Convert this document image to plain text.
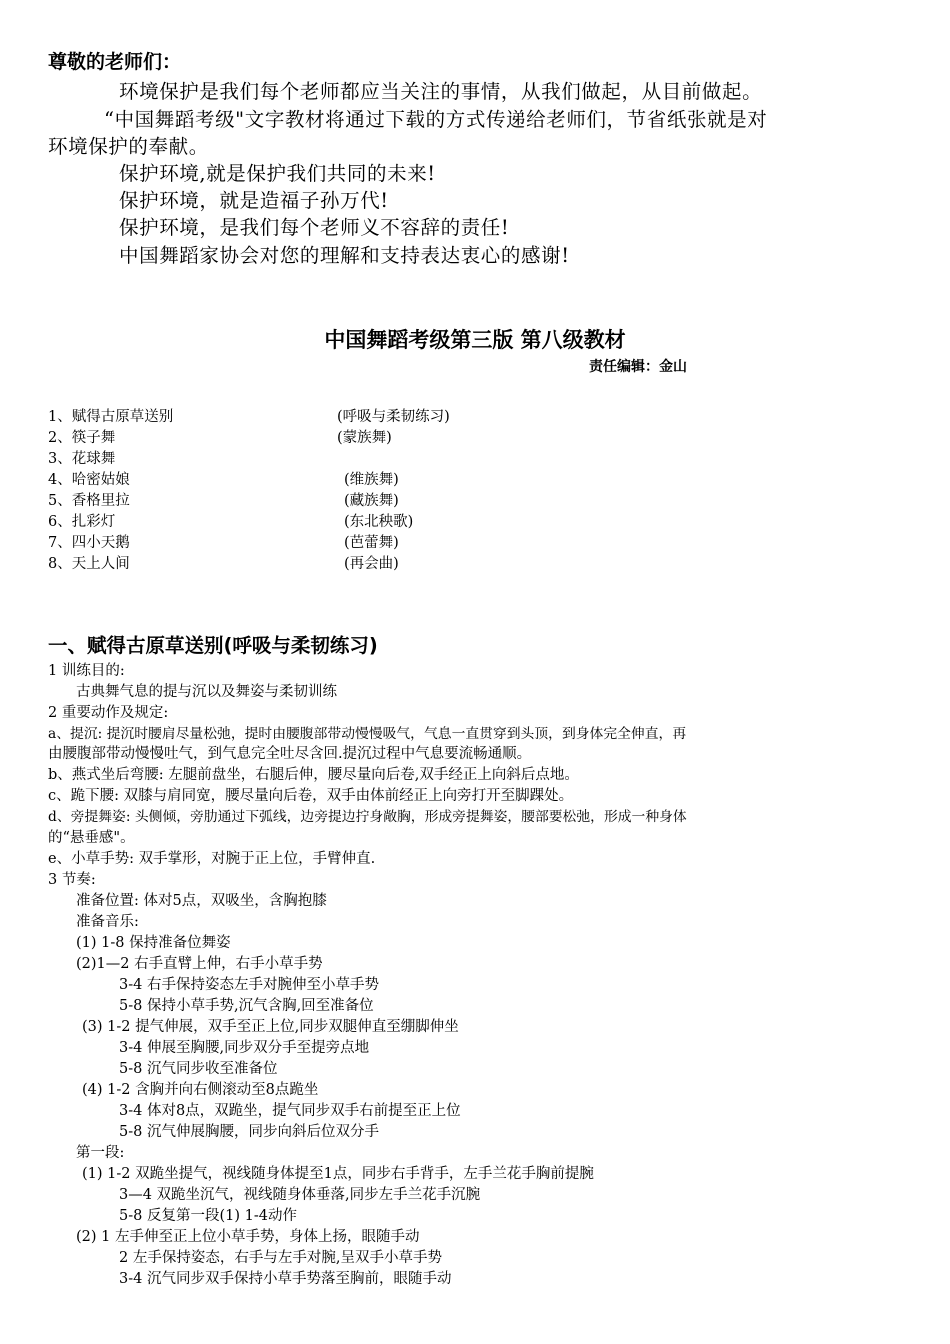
尊敬的老师们：
环境保护是我们每个老师都应当关注的事情，从我们做起，从目前做起。
“中国舞蹈考级"文字教材将通过下载的方式传递给老师们，节省纸张就是对
环境保护的奉献。
保护环境,就是保护我们共同的未来!
保护环境，就是造福子孙万代!
保护环境，是我们每个老师义不容辞的责任!
中国舞蹈家协会对您的理解和支持表达衷心的感谢!
中国舞蹈考级第三版 第八级教材
责任编辑：金山
1、赋得古原草送别	(呼吸与柔韧练习)
2、筷子舞	(蒙族舞)
3、花球舞
4、哈密姑娘	(维族舞)
5、香格里拉	(藏族舞)
6、扎彩灯	(东北秧歌)
7、四小天鹅	(芭蕾舞)
8、天上人间	(再会曲)
一、赋得古原草送别(呼吸与柔韧练习)
1 训练目的:
古典舞气息的提与沉以及舞姿与柔韧训练
2 重要动作及规定:
a、提沉: 提沉时腰肩尽量松弛，提时由腰腹部带动慢慢吸气，气息一直贯穿到头顶，到身体完全伸直，再
由腰腹部带动慢慢吐气，到气息完全吐尽含回.提沉过程中气息要流畅通顺。
b、燕式坐后弯腰: 左腿前盘坐，右腿后伸，腰尽量向后卷,双手经正上向斜后点地。
c、跪下腰: 双膝与肩同宽，腰尽量向后卷，双手由体前经正上向旁打开至脚踝处。
d、旁提舞姿: 头侧倾，旁肋通过下弧线，边旁提边拧身敞胸，形成旁提舞姿，腰部要松弛，形成一种身体
的“悬垂感"。
e、小草手势: 双手掌形，对腕于正上位，手臂伸直.
3 节奏:
准备位置: 体对5点，双吸坐，含胸抱膝
准备音乐:
(1) 1-8 保持准备位舞姿
(2)1—2 右手直臂上伸，右手小草手势
3-4 右手保持姿态左手对腕伸至小草手势
5-8 保持小草手势,沉气含胸,回至准备位
(3) 1-2 提气伸展，双手至正上位,同步双腿伸直至绷脚伸坐
3-4 伸展至胸腰,同步双分手至提旁点地
5-8 沉气同步收至准备位
(4) 1-2 含胸并向右侧滚动至8点跪坐
3-4 体对8点，双跪坐，提气同步双手右前提至正上位
5-8 沉气伸展胸腰，同步向斜后位双分手
第一段:
(1) 1-2 双跪坐提气，视线随身体提至1点，同步右手背手，左手兰花手胸前提腕
3—4 双跪坐沉气，视线随身体垂落,同步左手兰花手沉腕
5-8 反复第一段(1) 1-4动作
(2) 1 左手伸至正上位小草手势，身体上扬，眼随手动
2 左手保持姿态，右手与左手对腕,呈双手小草手势
3-4 沉气同步双手保持小草手势落至胸前，眼随手动
